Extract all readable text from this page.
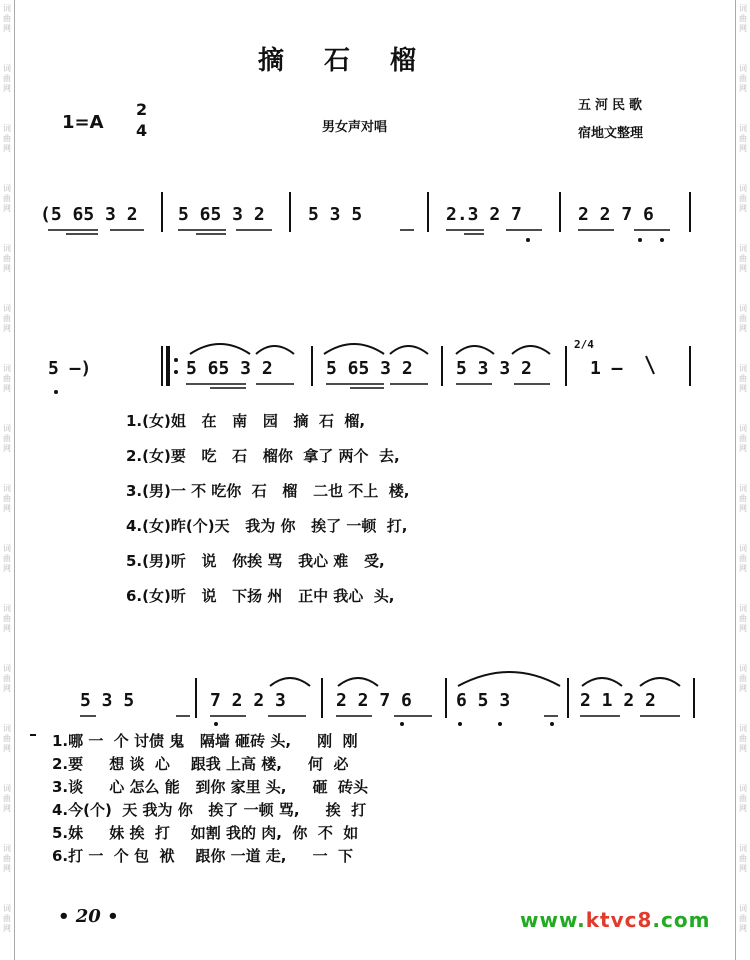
词
曲
网
词
曲
网
词
曲
网
词
曲
网
词
曲
网
词
曲
网
词
曲
网
词
曲
网
词
曲
网
词
曲
网
词
曲
网
词
曲
网
词
曲
网
词
曲
网
词
曲
网
词
曲
网
词
曲
网
词
曲
网
词
曲
网
词
曲
网
词
曲
网
词
曲
网
词
曲
网
词
曲
网
词
曲
网
词
曲
网
词
曲
网
词
曲
网
词
曲
网
词
曲
网
词
曲
网
词
曲
网
摘石榴
1=A
2
4	男女声对唱
五河民歌
宿地文整理
(5 65 3 2 5 65 3 2 5 3 5	2.3 2 7	2 2 7 6
5 –)	5 65 3 2	5 65 3 2 5 3 3 2
2/4
1 –
1.(女)姐   在   南   园   摘  石  榴,
2.(女)要   吃   石   榴你  拿了 两个  去,
3.(男)一 不 吃你  石   榴   二也 不上  楼,
4.(女)昨(个)天   我为 你   挨了 一顿  打,
5.(男)听   说   你挨 骂   我心 难   受,
6.(女)听   说   下扬 州   正中 我心  头,
5 3 5	7 2 2 3	2 2 7 6 6 5 3	2 1 2 2
1.哪 一  个 讨债 鬼   隔墙 砸砖 头,     刚  刚
2.要     想 谈  心    跟我 上高 楼,     何  必
3.谈     心 怎么 能   到你 家里 头,     砸  砖头
4.今(个)  天 我为 你   挨了 一顿 骂,     挨  打
5.妹     妹 挨  打    如割 我的 肉,  你  不  如
6.打 一  个 包  袱    跟你 一道 走,     一  下
• 20 •	www.ktvc8.com
